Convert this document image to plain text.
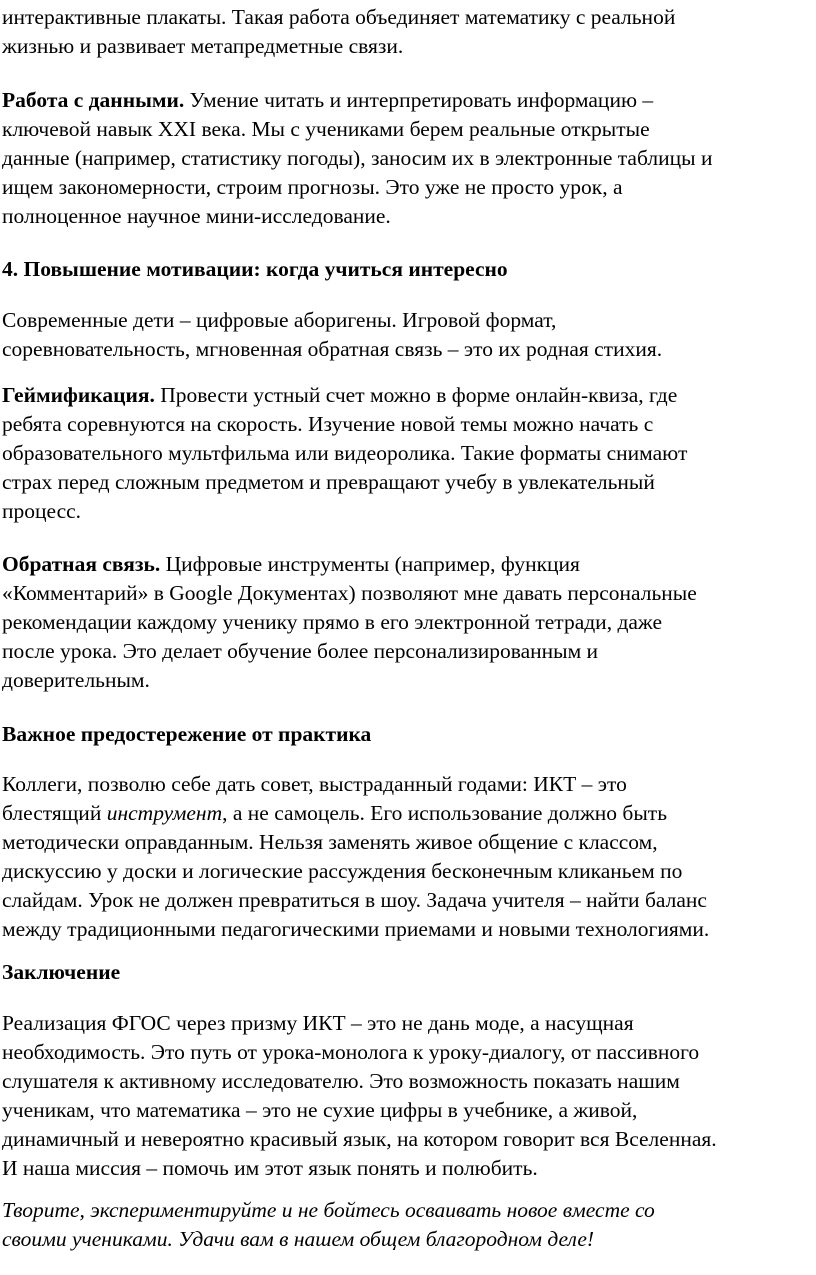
интерактивные плакаты. Такая работа объединяет математику с реальной
жизнью и развивает метапредметные связи.

Работа с данными. Умение читать и интерпретировать информацию –
ключевой навык XXI века. Мы с учениками берем реальные открытые
данные (например, статистику погоды), заносим их в электронные таблицы и
ищем закономерности, строим прогнозы. Это уже не просто урок, а
полноценное научное мини-исследование.

4. Повышение мотивации: когда учиться интересно

Современные дети – цифровые аборигены. Игровой формат,
соревновательность, мгновенная обратная связь – это их родная стихия.

Геймификация. Провести устный счет можно в форме онлайн-квиза, где
ребята соревнуются на скорость. Изучение новой темы можно начать с
образовательного мультфильма или видеоролика. Такие форматы снимают
страх перед сложным предметом и превращают учебу в увлекательный
процесс.

Обратная связь. Цифровые инструменты (например, функция
«Комментарий» в Google Документах) позволяют мне давать персональные
рекомендации каждому ученику прямо в его электронной тетради, даже
после урока. Это делает обучение более персонализированным и
доверительным.

Важное предостережение от практика

Коллеги, позволю себе дать совет, выстраданный годами: ИКТ – это
блестящий инструмент, а не самоцель. Его использование должно быть
методически оправданным. Нельзя заменять живое общение с классом,
дискуссию у доски и логические рассуждения бесконечным кликаньем по
слайдам. Урок не должен превратиться в шоу. Задача учителя – найти баланс
между традиционными педагогическими приемами и новыми технологиями.

Заключение

Реализация ФГОС через призму ИКТ – это не дань моде, а насущная
необходимость. Это путь от урока-монолога к уроку-диалогу, от пассивного
слушателя к активному исследователю. Это возможность показать нашим
ученикам, что математика – это не сухие цифры в учебнике, а живой,
динамичный и невероятно красивый язык, на котором говорит вся Вселенная.
И наша миссия – помочь им этот язык понять и полюбить.

Творите, экспериментируйте и не бойтесь осваивать новое вместе со
своими учениками. Удачи вам в нашем общем благородном деле!
